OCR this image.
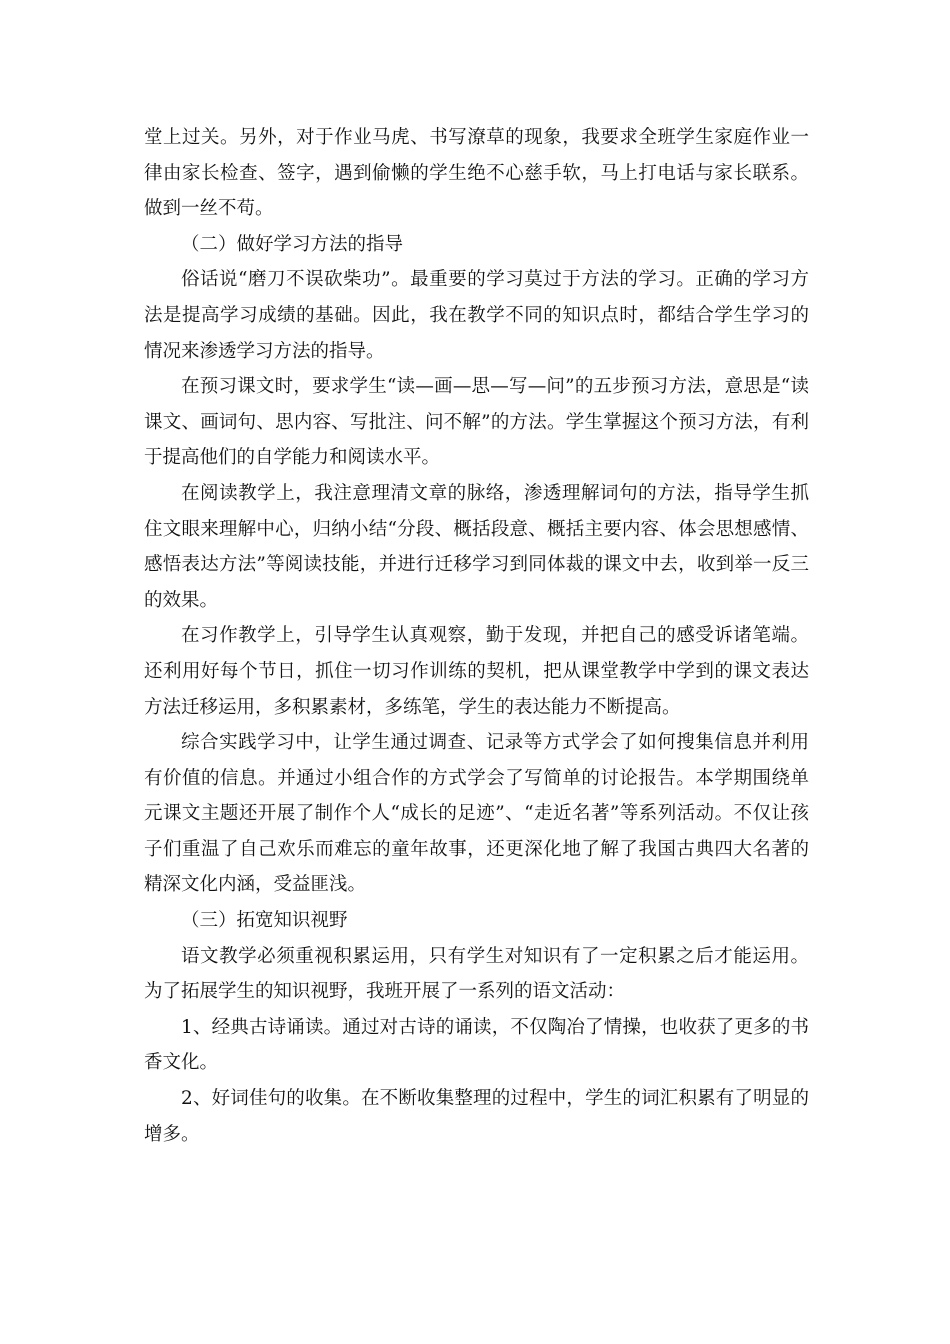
堂上过关。另外，对于作业马虎、书写潦草的现象，我要求全班学生家庭作业一律由家长检查、签字，遇到偷懒的学生绝不心慈手软，马上打电话与家长联系。做到一丝不苟。

（二）做好学习方法的指导

俗话说“磨刀不误砍柴功”。最重要的学习莫过于方法的学习。正确的学习方法是提高学习成绩的基础。因此，我在教学不同的知识点时，都结合学生学习的情况来渗透学习方法的指导。

在预习课文时，要求学生“读—画—思—写—问”的五步预习方法，意思是“读课文、画词句、思内容、写批注、问不解”的方法。学生掌握这个预习方法，有利于提高他们的自学能力和阅读水平。

在阅读教学上，我注意理清文章的脉络，渗透理解词句的方法，指导学生抓住文眼来理解中心，归纳小结“分段、概括段意、概括主要内容、体会思想感情、感悟表达方法”等阅读技能，并进行迁移学习到同体裁的课文中去，收到举一反三的效果。

在习作教学上，引导学生认真观察，勤于发现，并把自己的感受诉诸笔端。还利用好每个节日，抓住一切习作训练的契机，把从课堂教学中学到的课文表达方法迁移运用，多积累素材，多练笔，学生的表达能力不断提高。

综合实践学习中，让学生通过调查、记录等方式学会了如何搜集信息并利用有价值的信息。并通过小组合作的方式学会了写简单的讨论报告。本学期围绕单元课文主题还开展了制作个人“成长的足迹”、“走近名著”等系列活动。不仅让孩子们重温了自己欢乐而难忘的童年故事，还更深化地了解了我国古典四大名著的精深文化内涵，受益匪浅。

（三）拓宽知识视野

语文教学必须重视积累运用，只有学生对知识有了一定积累之后才能运用。为了拓展学生的知识视野，我班开展了一系列的语文活动：

1、经典古诗诵读。通过对古诗的诵读，不仅陶冶了情操，也收获了更多的书香文化。

2、好词佳句的收集。在不断收集整理的过程中，学生的词汇积累有了明显的增多。
